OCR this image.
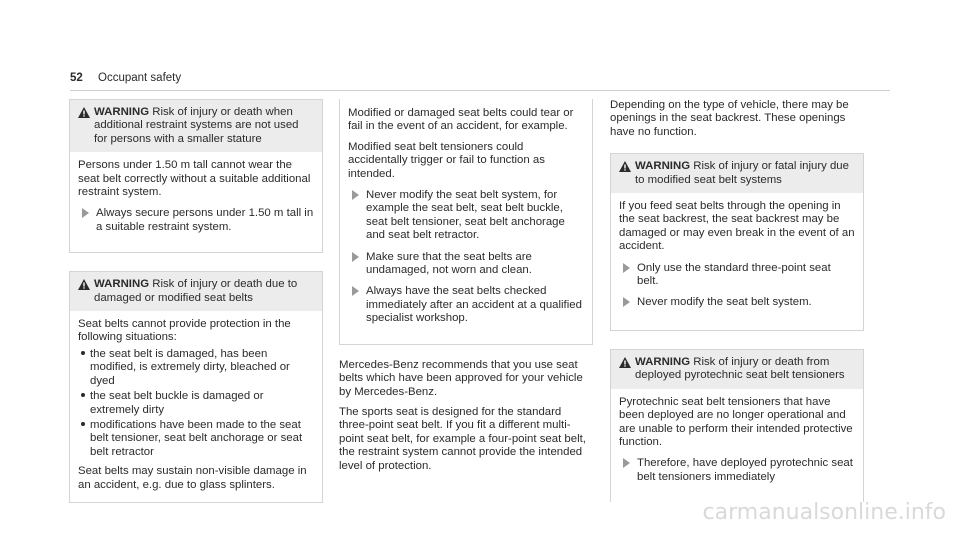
52 Occupant safety
WARNING Risk of injury or death when additional restraint systems are not used for persons with a smaller stature

Persons under 1.50 m tall cannot wear the seat belt correctly without a suitable additional restraint system.

Always secure persons under 1.50 m tall in a suitable restraint system.
WARNING Risk of injury or death due to damaged or modified seat belts

Seat belts cannot provide protection in the following situations:

the seat belt is damaged, has been modified, is extremely dirty, bleached or dyed
the seat belt buckle is damaged or extremely dirty
modifications have been made to the seat belt tensioner, seat belt anchorage or seat belt retractor

Seat belts may sustain non-visible damage in an accident, e.g. due to glass splinters.

Modified or damaged seat belts could tear or fail in the event of an accident, for example.

Modified seat belt tensioners could accidentally trigger or fail to function as intended.

Never modify the seat belt system, for example the seat belt, seat belt buckle, seat belt tensioner, seat belt anchorage and seat belt retractor.
Make sure that the seat belts are undamaged, not worn and clean.
Always have the seat belts checked immediately after an accident at a qualified specialist workshop.

Mercedes-Benz recommends that you use seat belts which have been approved for your vehicle by Mercedes-Benz.

The sports seat is designed for the standard three-point seat belt. If you fit a different multi-point seat belt, for example a four-point seat belt, the restraint system cannot provide the intended level of protection.

Depending on the type of vehicle, there may be openings in the seat backrest. These openings have no function.

WARNING Risk of injury or fatal injury due to modified seat belt systems

If you feed seat belts through the opening in the seat backrest, the seat backrest may be damaged or may even break in the event of an accident.

Only use the standard three-point seat belt.
Never modify the seat belt system.
WARNING Risk of injury or death from deployed pyrotechnic seat belt tensioners

Pyrotechnic seat belt tensioners that have been deployed are no longer operational and are unable to perform their intended protective function.

Therefore, have deployed pyrotechnic seat belt tensioners immediately
carmanualsonline.info
